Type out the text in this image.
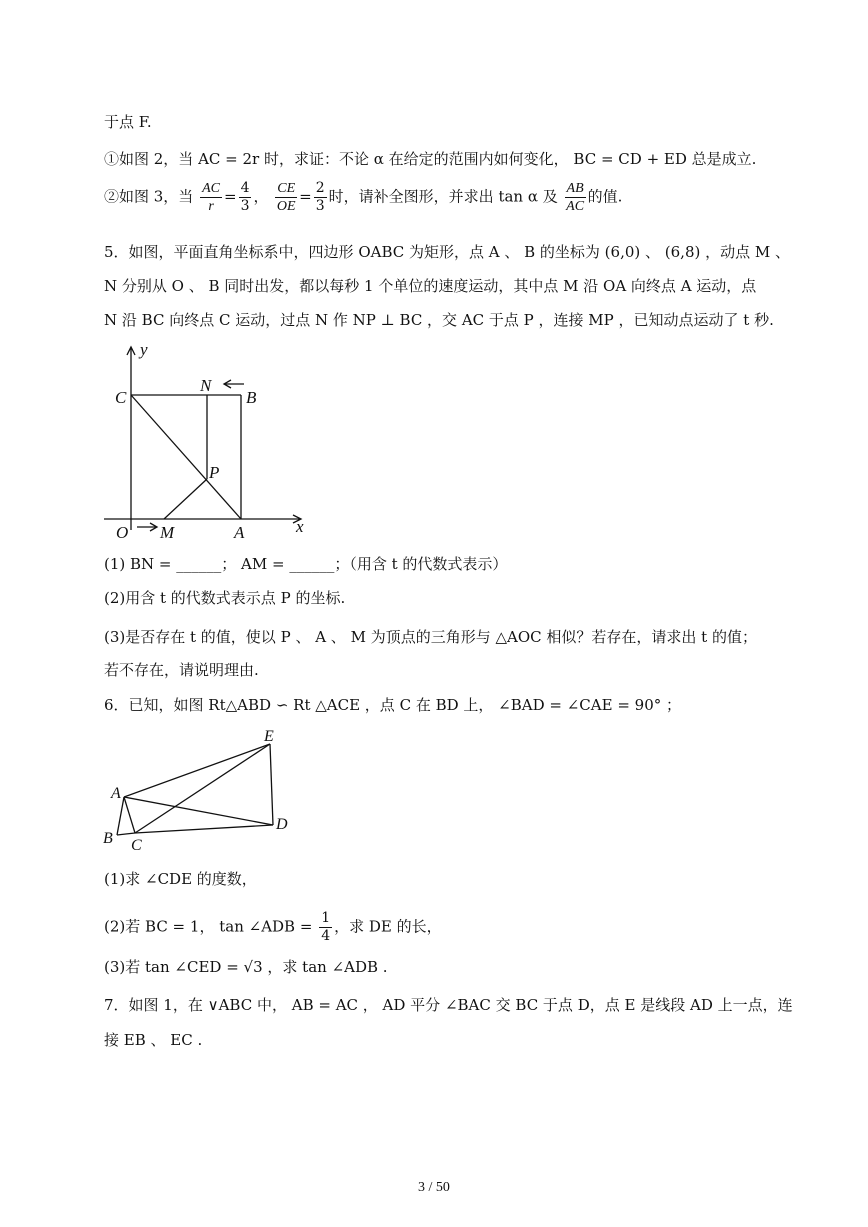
于点 F.
①如图 2，当 AC = 2r 时，求证：不论 α 在给定的范围内如何变化， BC = CD + ED 总是成立.
②如图 3，当 $\frac{AC}{r} = \frac{4}{3}$ ， $\frac{CE}{OE} = \frac{2}{3}$ 时，请补全图形，并求出 tan α 及 $\frac{AB}{AC}$ 的值.
5．如图，平面直角坐标系中，四边形 OABC 为矩形，点 A 、 B 的坐标为 (6,0) 、 (6,8) ，动点 M 、
N 分别从 O 、 B 同时出发，都以每秒 1 个单位的速度运动，其中点 M 沿 OA 向终点 A 运动，点
N 沿 BC 向终点 C 运动，过点 N 作 NP ⊥ BC ，交 AC 于点 P ，连接 MP ，已知动点运动了 t 秒.
y
x
C
N
B
P
O M	A
(1) BN = ______； AM = ______；（用含 t 的代数式表示）
(2)用含 t 的代数式表示点 P 的坐标.
(3)是否存在 t 的值，使以 P 、 A 、 M 为顶点的三角形与 △AOC 相似？若存在，请求出 t 的值；
若不存在，请说明理由.
6．已知，如图 Rt△ABD ∽ Rt △ACE ，点 C 在 BD 上， ∠BAD = ∠CAE = 90° ；
E
A
B C
D
(1)求 ∠CDE 的度数，
(2)若 BC = 1， tan ∠ADB = $\frac{1}{4}$ ，求 DE 的长，
(3)若 tan ∠CED = √3 ，求 tan ∠ADB .
7．如图 1，在 ∨ABC 中， AB = AC ， AD 平分 ∠BAC 交 BC 于点 D，点 E 是线段 AD 上一点，连
接 EB 、 EC .
3 / 50
